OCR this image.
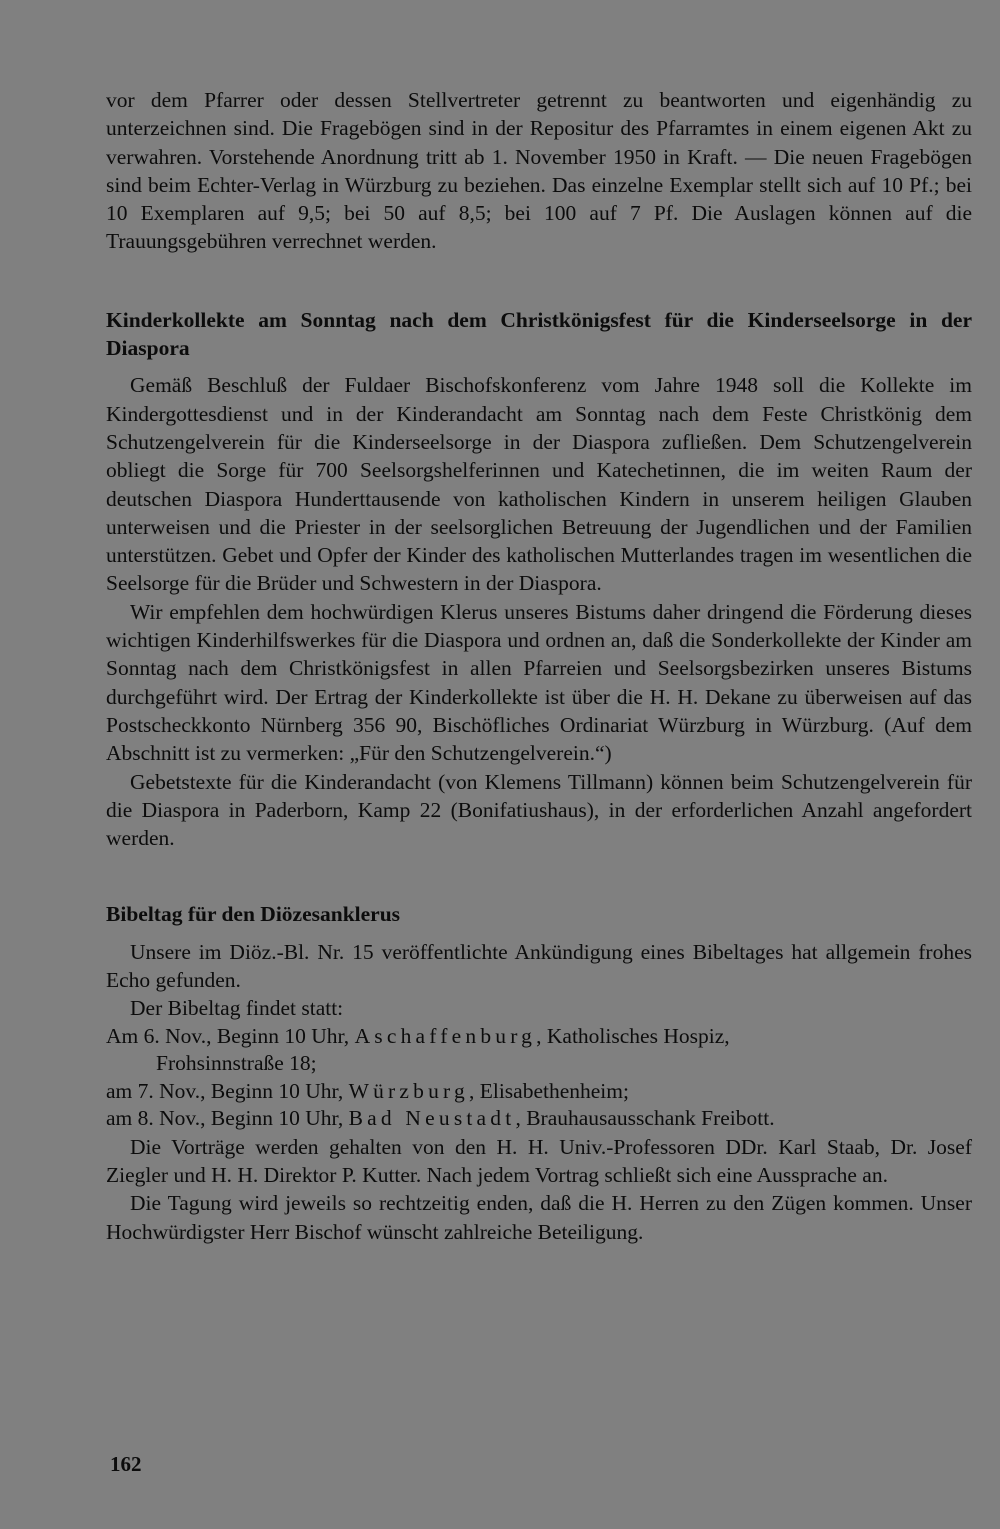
vor dem Pfarrer oder dessen Stellvertreter getrennt zu beantworten und eigenhändig zu unterzeichnen sind. Die Fragebögen sind in der Repositur des Pfarramtes in einem eigenen Akt zu verwahren. Vorstehende Anordnung tritt ab 1. November 1950 in Kraft. — Die neuen Fragebögen sind beim Echter-Verlag in Würzburg zu beziehen. Das einzelne Exemplar stellt sich auf 10 Pf.; bei 10 Exemplaren auf 9,5; bei 50 auf 8,5; bei 100 auf 7 Pf. Die Auslagen können auf die Trauungsgebühren verrechnet werden.

Kinderkollekte am Sonntag nach dem Christkönigsfest für die Kinderseelsorge in der Diaspora

Gemäß Beschluß der Fuldaer Bischofskonferenz vom Jahre 1948 soll die Kollekte im Kindergottesdienst und in der Kinderandacht am Sonntag nach dem Feste Christkönig dem Schutzengelverein für die Kinderseelsorge in der Diaspora zufließen. Dem Schutzengelverein obliegt die Sorge für 700 Seelsorgshelferinnen und Katechetinnen, die im weiten Raum der deutschen Diaspora Hunderttausende von katholischen Kindern in unserem heiligen Glauben unterweisen und die Priester in der seelsorglichen Betreuung der Jugendlichen und der Familien unterstützen. Gebet und Opfer der Kinder des katholischen Mutterlandes tragen im wesentlichen die Seelsorge für die Brüder und Schwestern in der Diaspora.

Wir empfehlen dem hochwürdigen Klerus unseres Bistums daher dringend die Förderung dieses wichtigen Kinderhilfswerkes für die Diaspora und ordnen an, daß die Sonderkollekte der Kinder am Sonntag nach dem Christkönigsfest in allen Pfarreien und Seelsorgsbezirken unseres Bistums durchgeführt wird. Der Ertrag der Kinderkollekte ist über die H. H. Dekane zu überweisen auf das Postscheckkonto Nürnberg 356 90, Bischöfliches Ordinariat Würzburg in Würzburg. (Auf dem Abschnitt ist zu vermerken: „Für den Schutzengelverein.“)

Gebetstexte für die Kinderandacht (von Klemens Tillmann) können beim Schutzengelverein für die Diaspora in Paderborn, Kamp 22 (Bonifatiushaus), in der erforderlichen Anzahl angefordert werden.

Bibeltag für den Diözesanklerus

Unsere im Diöz.-Bl. Nr. 15 veröffentlichte Ankündigung eines Bibeltages hat allgemein frohes Echo gefunden.

Der Bibeltag findet statt:

Am 6. Nov., Beginn 10 Uhr, Aschaffenburg, Katholisches Hospiz,
Frohsinnstraße 18;
am 7. Nov., Beginn 10 Uhr, Würzburg, Elisabethenheim;
am 8. Nov., Beginn 10 Uhr, Bad Neustadt, Brauhausausschank Freibott.

Die Vorträge werden gehalten von den H. H. Univ.-Professoren DDr. Karl Staab, Dr. Josef Ziegler und H. H. Direktor P. Kutter. Nach jedem Vortrag schließt sich eine Aussprache an.

Die Tagung wird jeweils so rechtzeitig enden, daß die H. Herren zu den Zügen kommen. Unser Hochwürdigster Herr Bischof wünscht zahlreiche Beteiligung.

162
